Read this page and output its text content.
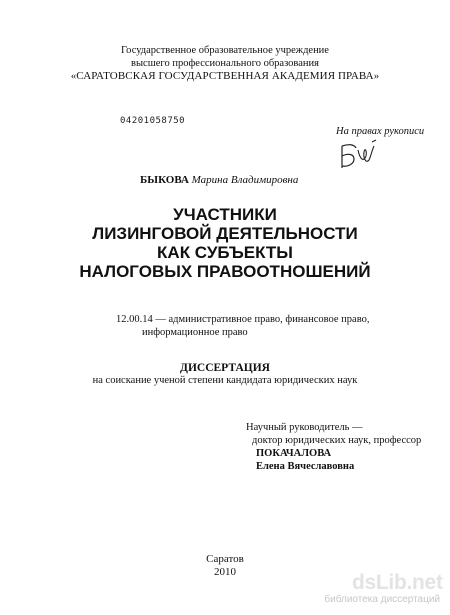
Государственное образовательное учреждение
высшего профессионального образования
«САРАТОВСКАЯ ГОСУДАРСТВЕННАЯ АКАДЕМИЯ ПРАВА»
04201058750
На правах рукописи
БЫКОВА Марина Владимировна
УЧАСТНИКИ
ЛИЗИНГОВОЙ ДЕЯТЕЛЬНОСТИ
КАК СУБЪЕКТЫ
НАЛОГОВЫХ ПРАВООТНОШЕНИЙ
12.00.14 — административное право, финансовое право,
информационное право
ДИССЕРТАЦИЯ
на соискание ученой степени кандидата юридических наук
Научный руководитель —
доктор юридических наук, профессор
ПОКАЧАЛОВА
Елена Вячеславовна
Саратов
2010	dsLib.net
библиотека диссертаций
